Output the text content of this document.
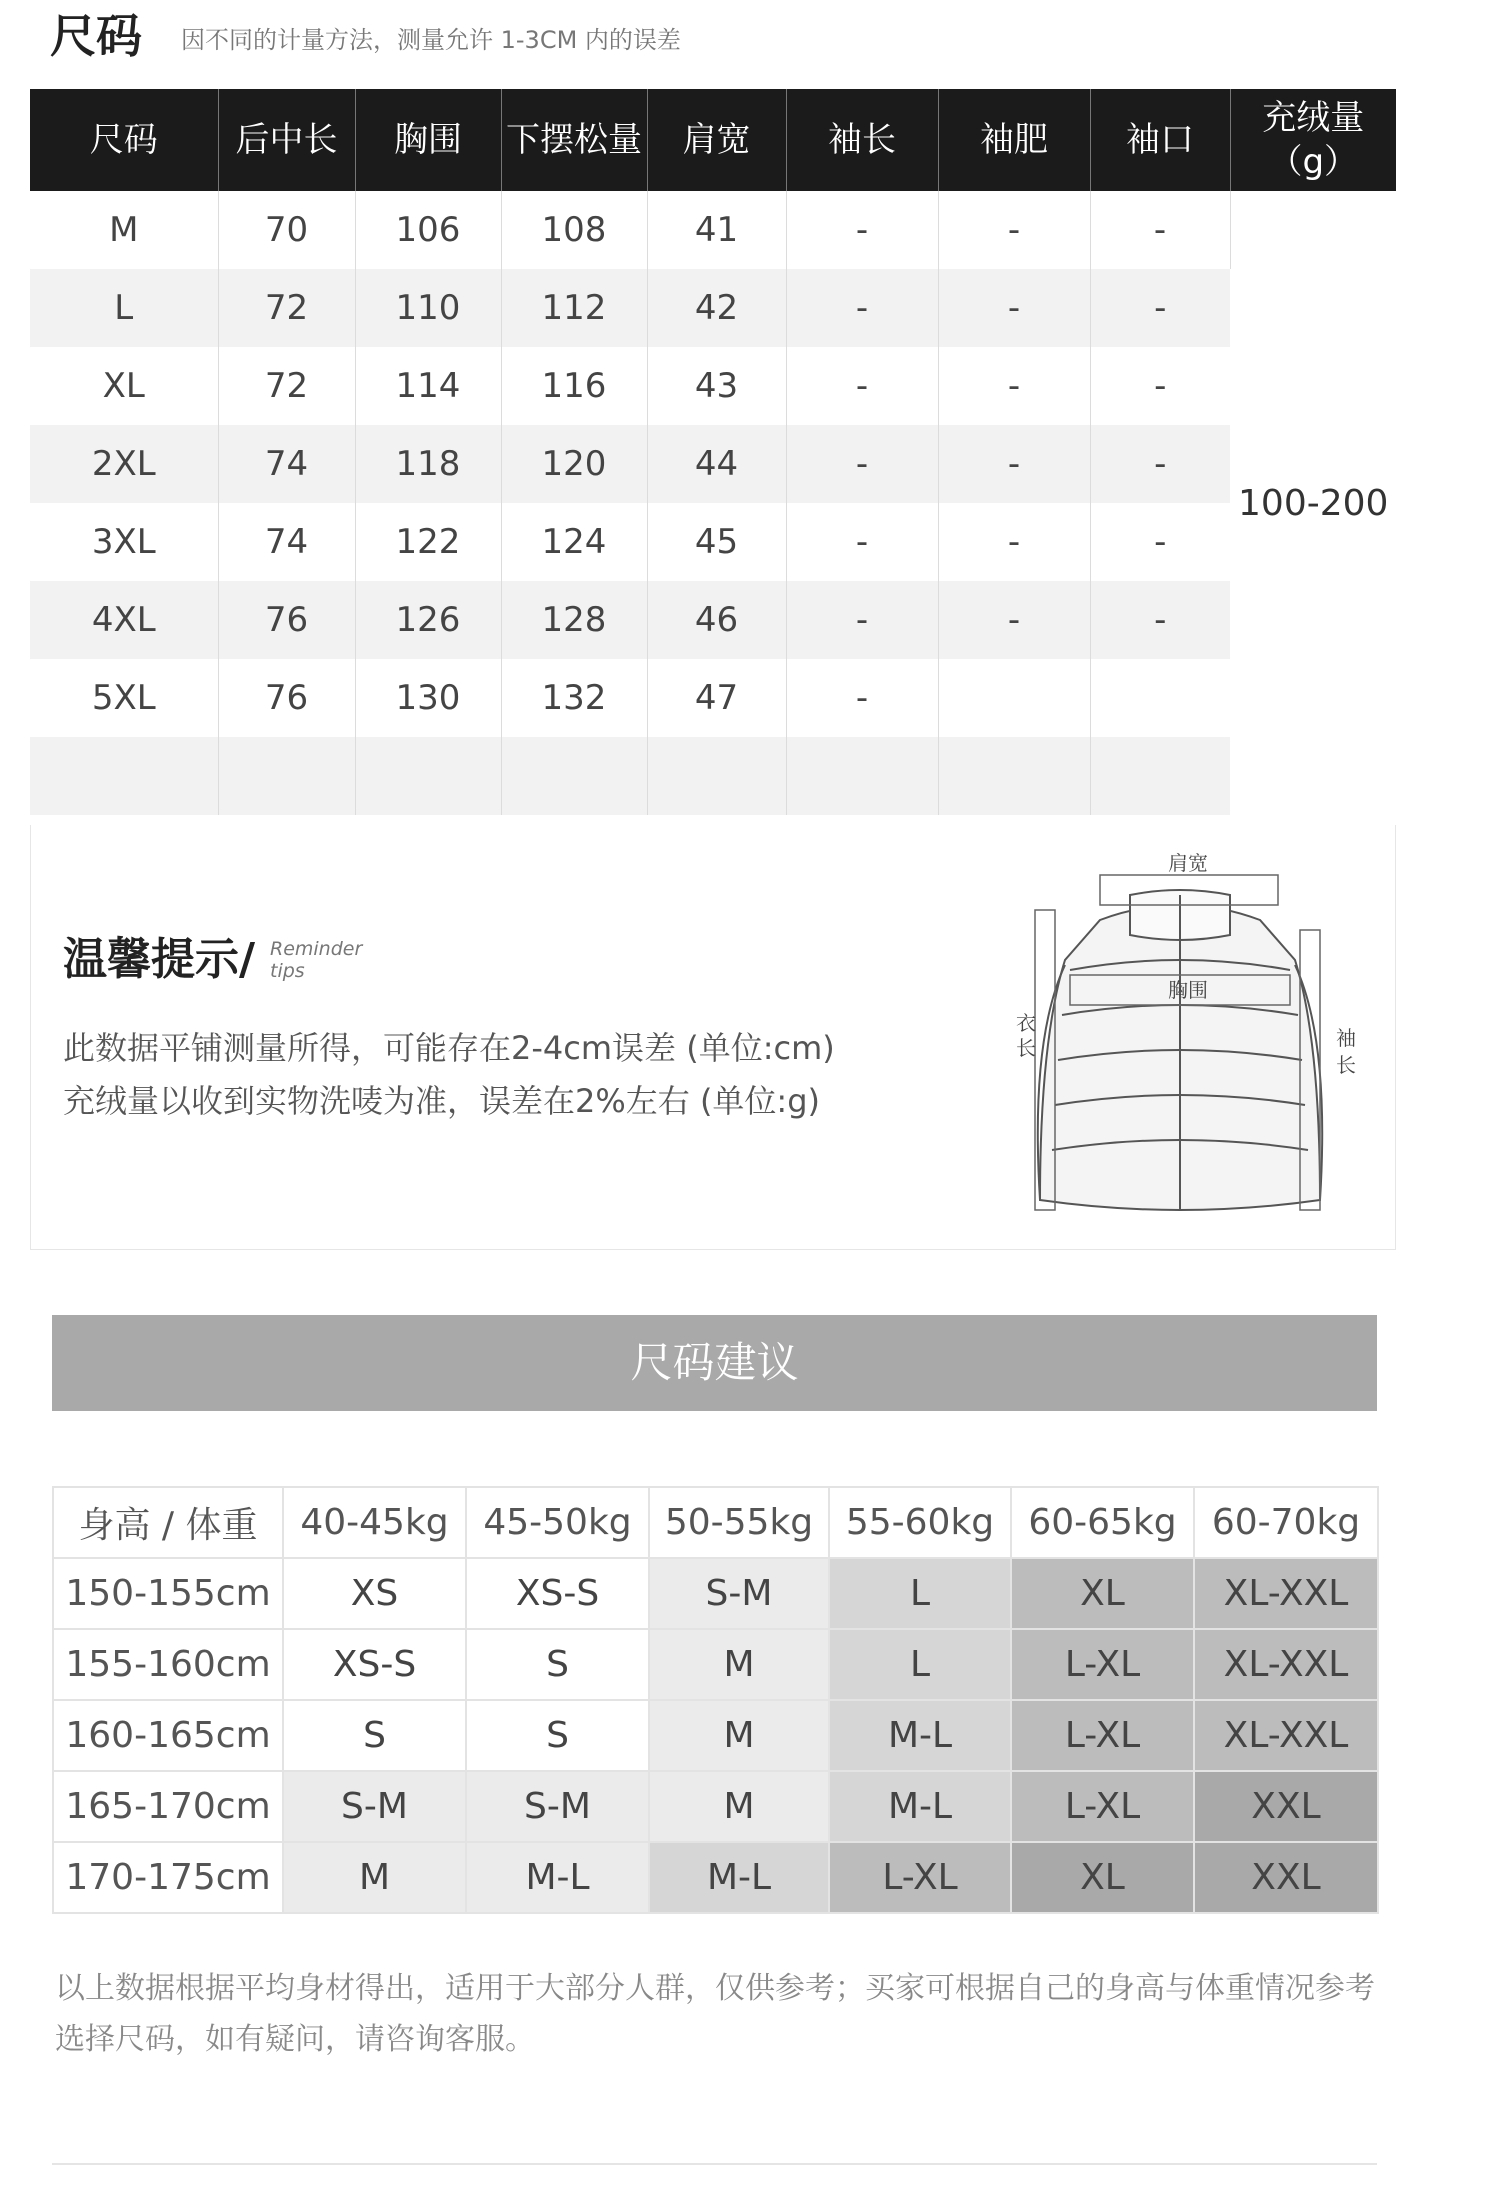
尺码 因不同的计量方法，测量允许 1-3CM 内的误差
尺码	后中长	胸围	下摆松量	肩宽	袖长	袖肥	袖口	充绒量
（g）

M	70	106	108	41	-	-	-	100-200
L	72	110	112	42	-	-	-	
XL	72	114	116	43	-	-	-	
2XL	74	118	120	44	-	-	-	
3XL	74	122	124	45	-	-	-	
4XL	76	126	128	46	-	-	-	
5XL	76	130	132	47	-			

温馨提示/ Reminder
tips
此数据平铺测量所得，可能存在2-4cm误差 (单位:cm)
充绒量以收到实物洗唛为准，误差在2%左右 (单位:g)
肩宽
胸围
衣
长	袖
长
尺码建议
身高 / 体重	40-45kg	45-50kg	50-55kg	55-60kg	60-65kg	60-70kg
150-155cm	XS	XS-S	S-M	L	XL	XL-XXL
155-160cm	XS-S	S	M	L	L-XL	XL-XXL
160-165cm	S	S	M	M-L	L-XL	XL-XXL
165-170cm	S-M	S-M	M	M-L	L-XL	XXL
170-175cm	M	M-L	M-L	L-XL	XL	XXL
以上数据根据平均身材得出，适用于大部分人群，仅供参考；买家可根据自己的身高与体重情况参考选择尺码，如有疑问，请咨询客服。
